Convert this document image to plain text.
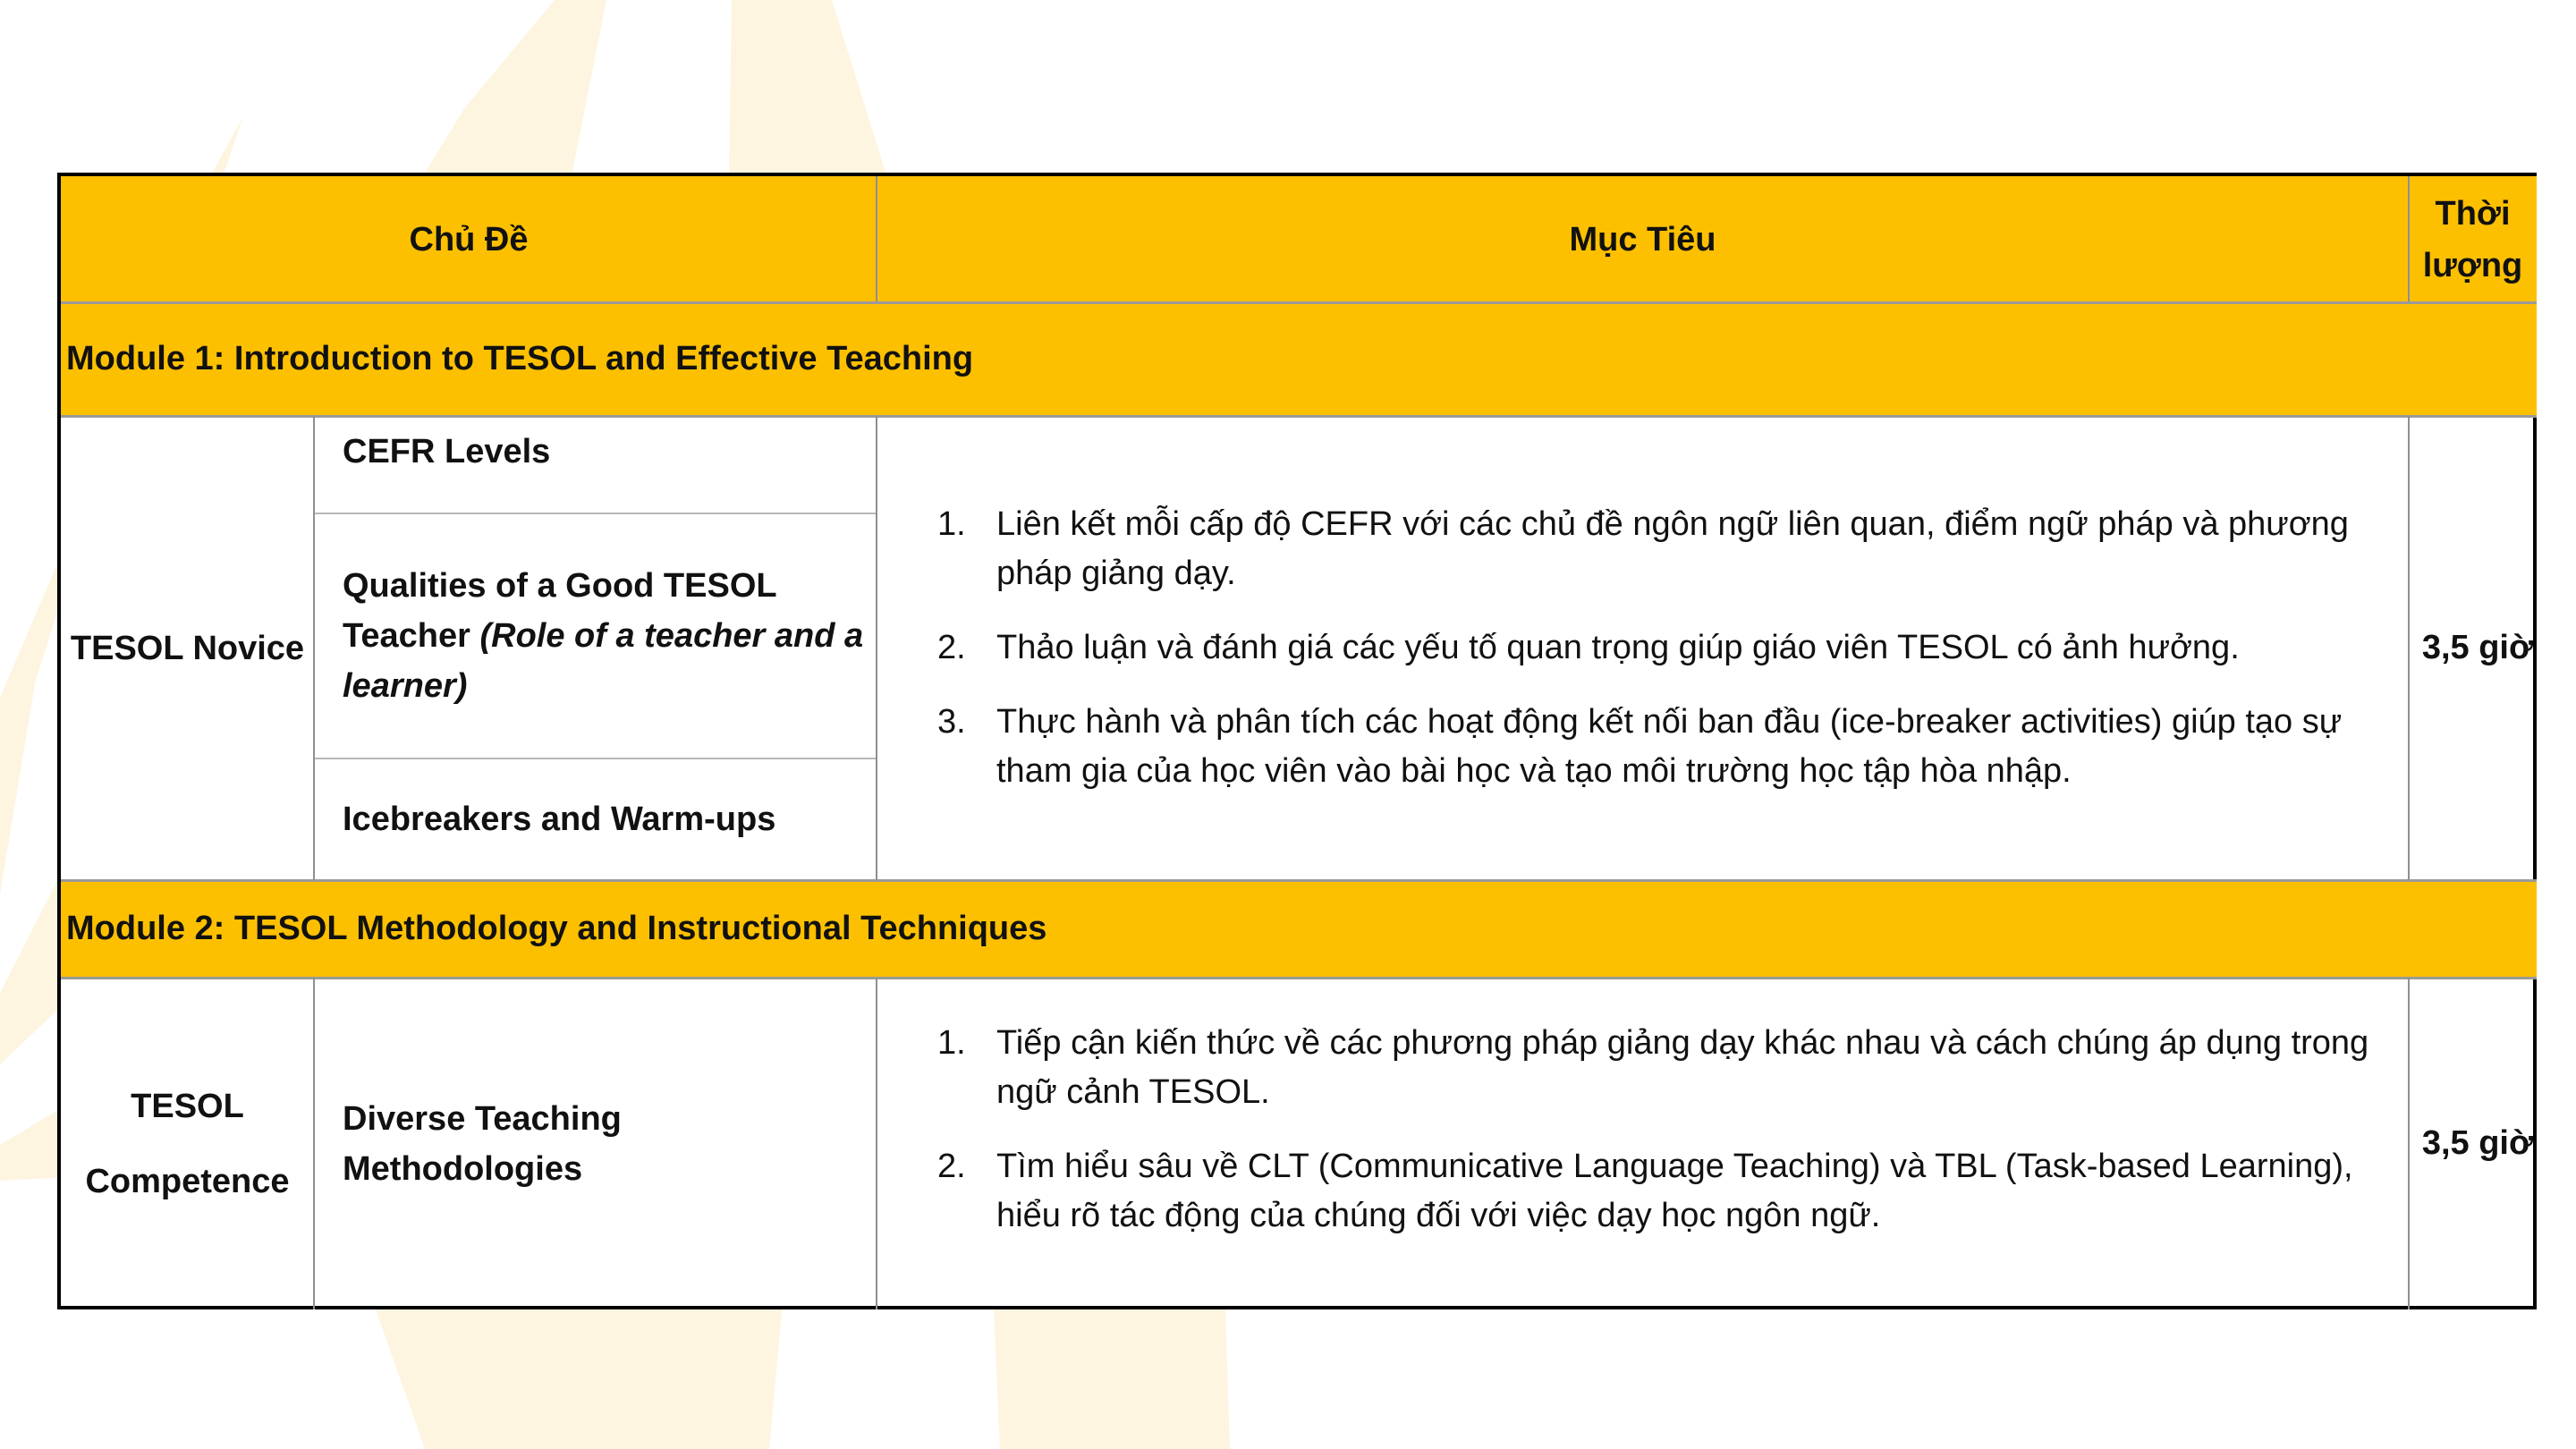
Chủ Đề	Mục Tiêu
Thời lượng
Module 1: Introduction to TESOL and Effective Teaching
TESOL Novice
CEFR Levels
Qualities of a Good TESOL Teacher (Role of a teacher and a learner)
Icebreakers and Warm-ups
1. Liên kết mỗi cấp độ CEFR với các chủ đề ngôn ngữ liên quan, điểm ngữ pháp và phương pháp giảng dạy.
2. Thảo luận và đánh giá các yếu tố quan trọng giúp giáo viên TESOL có ảnh hưởng.
3. Thực hành và phân tích các hoạt động kết nối ban đầu (ice-breaker activities) giúp tạo sự tham gia của học viên vào bài học và tạo môi trường học tập hòa nhập.
3,5 giờ
Module 2: TESOL Methodology and Instructional Techniques
TESOL
Competence
Diverse Teaching Methodologies
1. Tiếp cận kiến thức về các phương pháp giảng dạy khác nhau và cách chúng áp dụng trong ngữ cảnh TESOL.
2. Tìm hiểu sâu về CLT (Communicative Language Teaching) và TBL (Task-based Learning), hiểu rõ tác động của chúng đối với việc dạy học ngôn ngữ.
3,5 giờ
